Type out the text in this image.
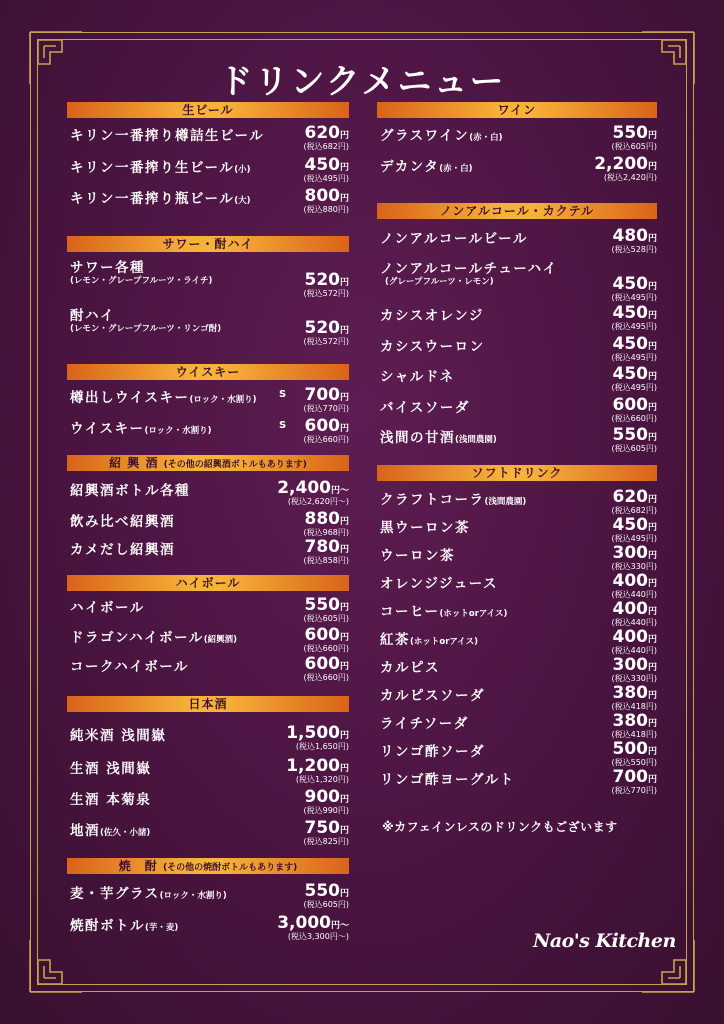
ドリンクメニュー
生ビール
キリン一番搾り樽詰生ビール 620円
(税込682円)
キリン一番搾り生ビール(小)	450円
(税込495円)
キリン一番搾り瓶ビール(大)	800円
(税込880円)
サワー・酎ハイ
サワー各種
(レモン・グレープフルーツ・ライチ)	520円
(税込572円)
酎ハイ
(レモン・グレープフルーツ・リンゴ酎)	520円
(税込572円)
ウイスキー
樽出しウイスキー(ロック・水割り) S 700円
(税込770円)
ウイスキー(ロック・水割り)	S 600円
(税込660円)
紹 興 酒 (その他の紹興酒ボトルもあります)
紹興酒ボトル各種	2,400円〜
(税込2,620円〜)
飲み比べ紹興酒	880円
(税込968円)
カメだし紹興酒	780円
(税込858円)
ハイボール
ハイボール	550円
(税込605円)
ドラゴンハイボール(紹興酒)	600円
(税込660円)
コークハイボール	600円
(税込660円)
日本酒
純米酒 浅間嶽	1,500円
(税込1,650円)
生酒 浅間嶽	1,200円
(税込1,320円)
生酒 本菊泉	900円
(税込990円)
地酒(佐久・小諸)	750円
(税込825円)
焼　酎 (その他の焼酎ボトルもあります)
麦・芋グラス(ロック・水割り)	550円
(税込605円)
焼酎ボトル(芋・麦)	3,000円〜
(税込3,300円〜)
ワイン
グラスワイン(赤・白)	550円
(税込605円)
デカンタ(赤・白)	2,200円
(税込2,420円)
ノンアルコール・カクテル
ノンアルコールビール	480円
(税込528円)
ノンアルコールチューハイ
(グレープフルーツ・レモン)	450円
(税込495円)
カシスオレンジ	450円
(税込495円)
カシスウーロン	450円
(税込495円)
シャルドネ	450円
(税込495円)
バイスソーダ	600円
(税込660円)
浅間の甘酒(浅間農園)	550円
(税込605円)
ソフトドリンク
クラフトコーラ(浅間農園)	620円
(税込682円)
黒ウーロン茶	450円
(税込495円)
ウーロン茶	300円
(税込330円)
オレンジジュース	400円
(税込440円)
コーヒー(ホットorアイス)	400円
(税込440円)
紅茶(ホットorアイス)	400円
(税込440円)
カルピス	300円
(税込330円)
カルピスソーダ	380円
(税込418円)
ライチソーダ	380円
(税込418円)
リンゴ酢ソーダ	500円
(税込550円)
リンゴ酢ヨーグルト	700円
(税込770円)
※カフェインレスのドリンクもございます
Nao's Kitchen
